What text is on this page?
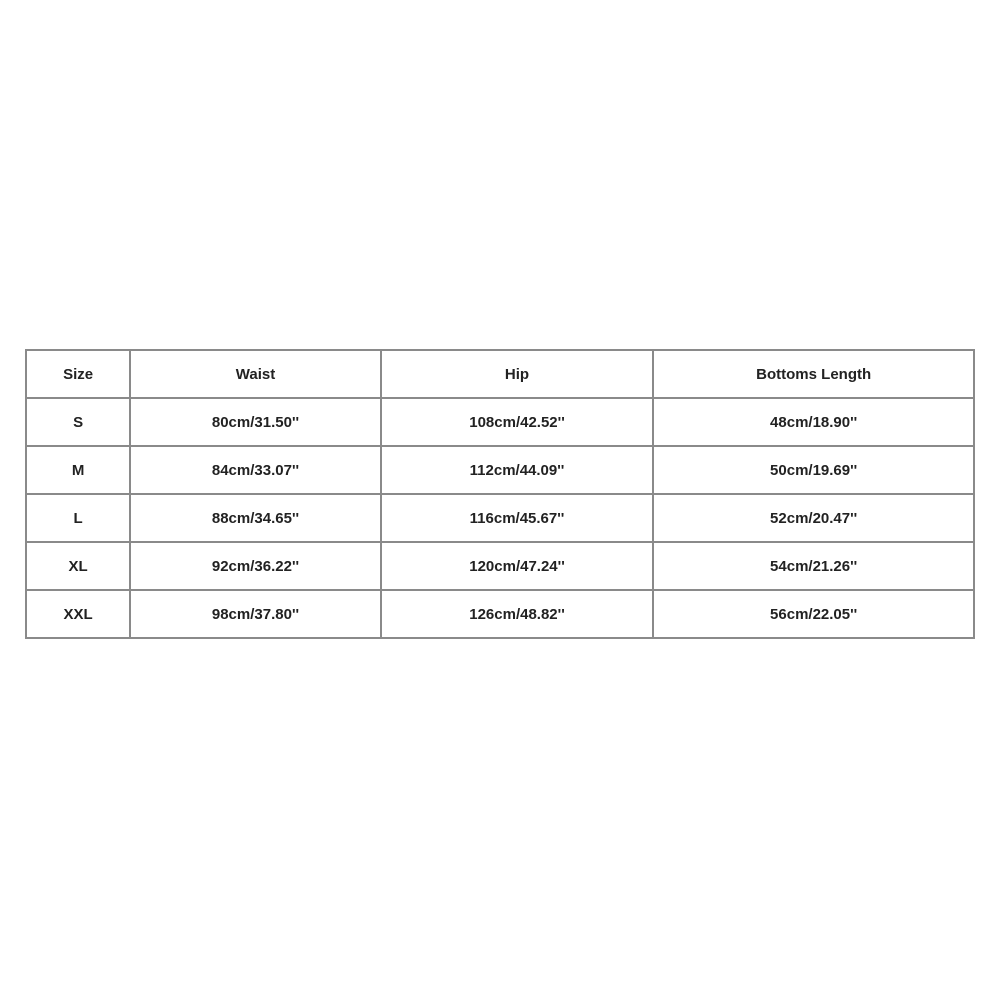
Size	Waist	Hip	Bottoms Length
S	80cm/31.50''	108cm/42.52''	48cm/18.90''
M	84cm/33.07''	112cm/44.09''	50cm/19.69''
L	88cm/34.65''	116cm/45.67''	52cm/20.47''
XL	92cm/36.22''	120cm/47.24''	54cm/21.26''
XXL	98cm/37.80''	126cm/48.82''	56cm/22.05''
